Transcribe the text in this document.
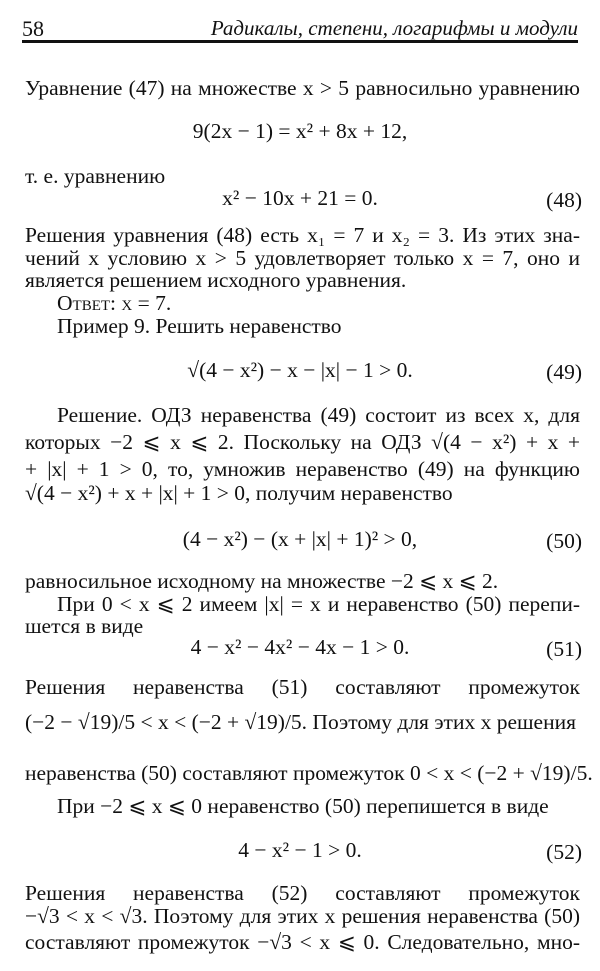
58	Радикалы, степени, логарифмы и модули
Уравнение (47) на множестве x > 5 равносильно уравнению
9(2x − 1) = x² + 8x + 12,
т. е. уравнению
x² − 10x + 21 = 0.	(48)
Решения уравнения (48) есть x₁ = 7 и x₂ = 3. Из этих зна-
чений x условию x > 5 удовлетворяет только x = 7, оно и
является решением исходного уравнения.
Ответ: x = 7.
Пример 9. Решить неравенство
√(4 − x²) − x − |x| − 1 > 0.	(49)
Решение. ОДЗ неравенства (49) состоит из всех x, для
которых −2 ⩽ x ⩽ 2. Поскольку на ОДЗ √(4 − x²) + x +
+ |x| + 1 > 0, то, умножив неравенство (49) на функцию
√(4 − x²) + x + |x| + 1 > 0, получим неравенство
(4 − x²) − (x + |x| + 1)² > 0,	(50)
равносильное исходному на множестве −2 ⩽ x ⩽ 2.
При 0 < x ⩽ 2 имеем |x| = x и неравенство (50) перепи-
шется в виде
4 − x² − 4x² − 4x − 1 > 0.	(51)
Решения неравенства (51) составляют промежуток
(−2 − √19)/5 < x < (−2 + √19)/5. Поэтому для этих x решения
неравенства (50) составляют промежуток 0 < x < (−2 + √19)/5.
При −2 ⩽ x ⩽ 0 неравенство (50) перепишется в виде
4 − x² − 1 > 0.	(52)
Решения неравенства (52) составляют промежуток
−√3 < x < √3. Поэтому для этих x решения неравенства (50)
составляют промежуток −√3 < x ⩽ 0. Следовательно, мно-
